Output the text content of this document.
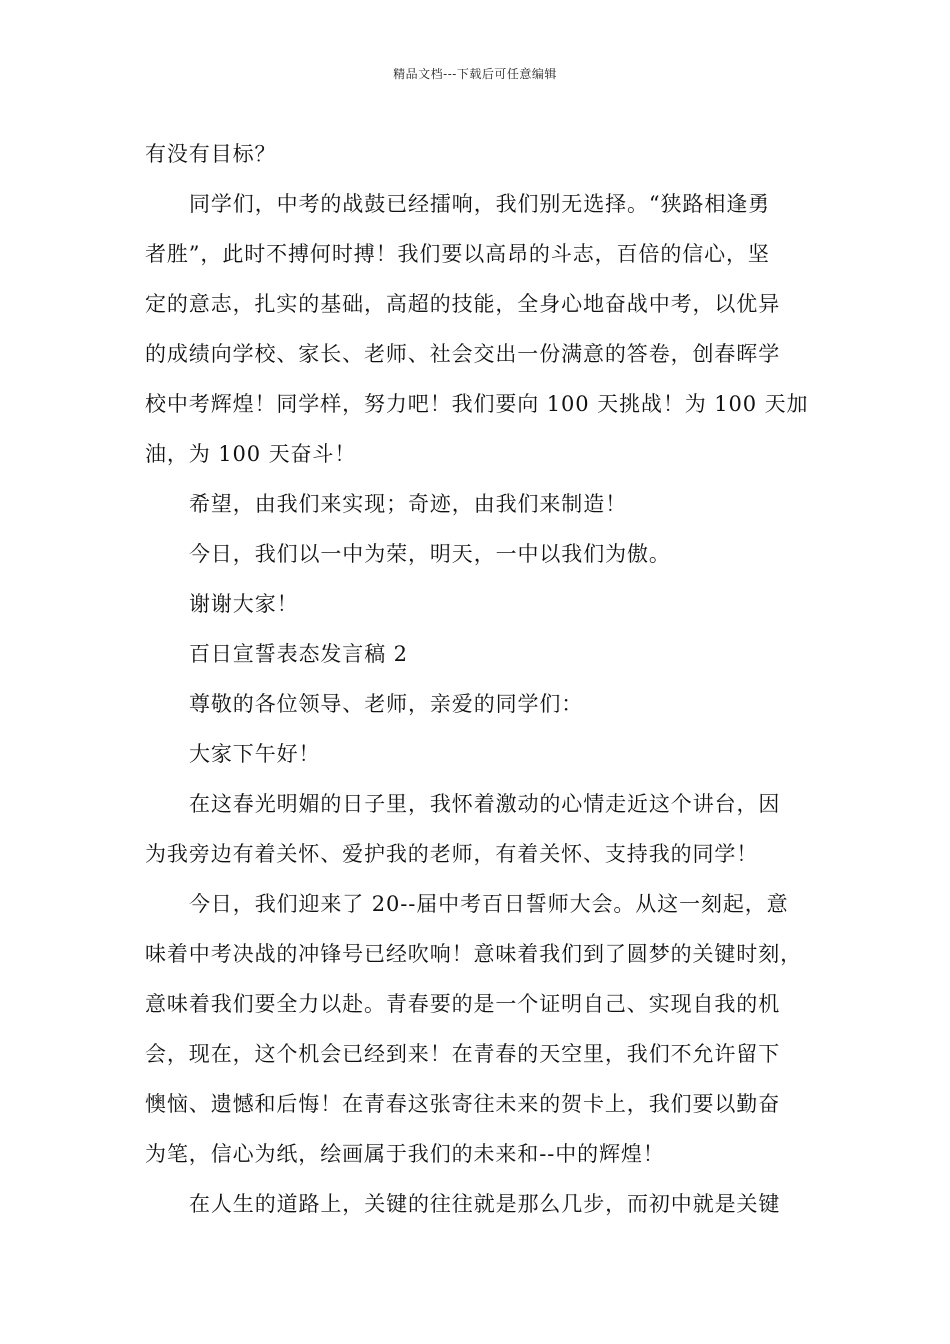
精品文档---下载后可任意编辑
有没有目标？
同学们，中考的战鼓已经擂响，我们别无选择。“狭路相逢勇
者胜”，此时不搏何时搏！我们要以高昂的斗志，百倍的信心，坚
定的意志，扎实的基础，高超的技能，全身心地奋战中考，以优异
的成绩向学校、家长、老师、社会交出一份满意的答卷，创春晖学
校中考辉煌！同学样，努力吧！我们要向 100 天挑战！为 100 天加
油，为 100 天奋斗！
希望，由我们来实现；奇迹，由我们来制造！
今日，我们以一中为荣，明天，一中以我们为傲。
谢谢大家！
百日宣誓表态发言稿 2
尊敬的各位领导、老师，亲爱的同学们：
大家下午好！
在这春光明媚的日子里，我怀着激动的心情走近这个讲台，因
为我旁边有着关怀、爱护我的老师，有着关怀、支持我的同学！
今日，我们迎来了 20--届中考百日誓师大会。从这一刻起，意
味着中考决战的冲锋号已经吹响！意味着我们到了圆梦的关键时刻，
意味着我们要全力以赴。青春要的是一个证明自己、实现自我的机
会，现在，这个机会已经到来！在青春的天空里，我们不允许留下
懊恼、遗憾和后悔！在青春这张寄往未来的贺卡上，我们要以勤奋
为笔，信心为纸，绘画属于我们的未来和--中的辉煌！
在人生的道路上，关键的往往就是那么几步，而初中就是关键
